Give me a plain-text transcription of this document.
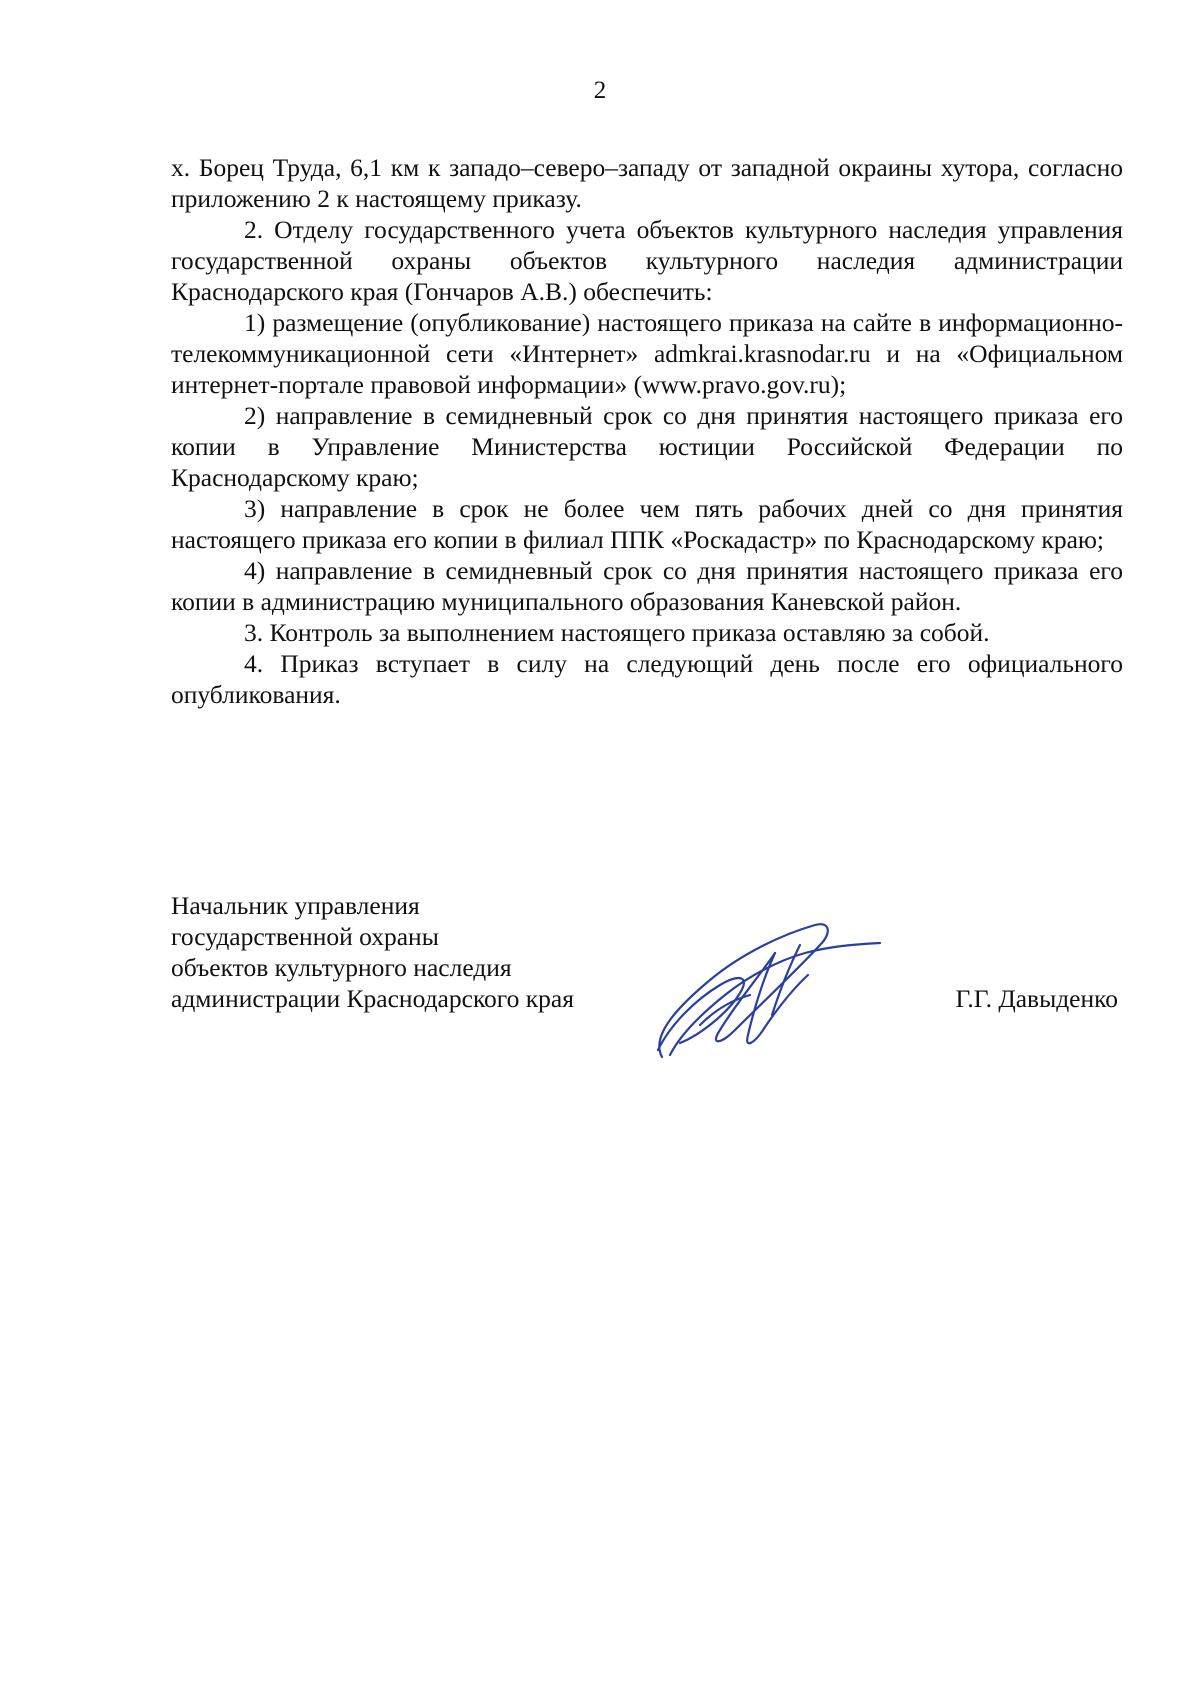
2

х. Борец Труда, 6,1 км к западо–северо–западу от западной окраины хутора, согласно приложению 2 к настоящему приказу.

2. Отделу государственного учета объектов культурного наследия управления государственной охраны объектов культурного наследия администрации Краснодарского края (Гончаров А.В.) обеспечить:

1) размещение (опубликование) настоящего приказа на сайте в информационно-телекоммуникационной сети «Интернет» admkrai.krasnodar.ru и на «Официальном интернет-портале правовой информации» (www.pravo.gov.ru);

2) направление в семидневный срок со дня принятия настоящего приказа его копии в Управление Министерства юстиции Российской Федерации по Краснодарскому краю;

3) направление в срок не более чем пять рабочих дней со дня принятия настоящего приказа его копии в филиал ППК «Роскадастр» по Краснодарскому краю;

4) направление в семидневный срок со дня принятия настоящего приказа его копии в администрацию муниципального образования Каневской район.

3. Контроль за выполнением настоящего приказа оставляю за собой.

4. Приказ вступает в силу на следующий день после его официального опубликования.

Начальник управления
государственной охраны
объектов культурного наследия
администрации Краснодарского края	Г.Г. Давыденко
